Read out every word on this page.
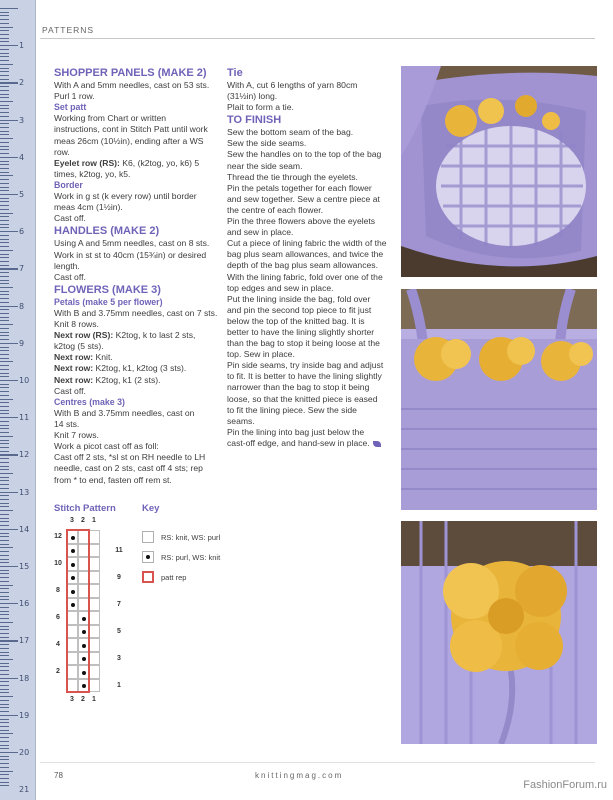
1
2
3
4
5
6
7
8
9
10
11
12
13
14
15
16
17
18
19
20
21
PATTERNS

SHOPPER PANELS (MAKE 2)

With A and 5mm needles, cast on 53 sts.

Purl 1 row.

Set patt

Working from Chart or written

instructions, cont in Stitch Patt until work

meas 26cm (10½in), ending after a WS row.

Eyelet row (RS): K6, (k2tog, yo, k6) 5

times, k2tog, yo, k5.

Border

Work in g st (k every row) until border

meas 4cm (1½in).

Cast off.

HANDLES (MAKE 2)

Using A and 5mm needles, cast on 8 sts.

Work in st st to 40cm (15¾in) or desired

length.

Cast off.

FLOWERS (MAKE 3)

Petals (make 5 per flower)

With B and 3.75mm needles, cast on 7 sts.

Knit 8 rows.

Next row (RS): K2tog, k to last 2 sts,

k2tog (5 sts).

Next row: Knit.

Next row: K2tog, k1, k2tog (3 sts).

Next row: K2tog, k1 (2 sts).

Cast off.

Centres (make 3)

With B and 3.75mm needles, cast on

14 sts.

Knit 7 rows.

Work a picot cast off as foll:

Cast off 2 sts, *sl st on RH needle to LH

needle, cast on 2 sts, cast off 4 sts; rep

from * to end, fasten off rem st.

Tie

With A, cut 6 lengths of yarn 80cm

(31½in) long.

Plait to form a tie.

TO FINISH

Sew the bottom seam of the bag.

Sew the side seams.

Sew the handles on to the top of the bag

near the side seam.

Thread the tie through the eyelets.

Pin the petals together for each flower

and sew together. Sew a centre piece at

the centre of each flower.

Pin the three flowers above the eyelets

and sew in place.

Cut a piece of lining fabric the width of the

bag plus seam allowances, and twice the

depth of the bag plus seam allowances.

With the lining fabric, fold over one of the

top edges and sew in place.

Put the lining inside the bag, fold over

and pin the second top piece to fit just

below the top of the knitted bag. It is

better to have the lining slightly shorter

than the bag to stop it being loose at the

top. Sew in place.

Pin side seams, try inside bag and adjust

to fit. It is better to have the lining slightly

narrower than the bag to stop it being

loose, so that the knitted piece is eased

to fit the lining piece. Sew the side seams.

Pin the lining into bag just below the

cast-off edge, and hand-sew in place.

Stitch Pattern	Key
3
3
2
2
1
1
12
10
8
6
4
2
11
9
7
5
3
1
RS: knit, WS: purl
RS: purl, WS: knit
patt rep
78	knittingmag.com
FashionForum.ru
